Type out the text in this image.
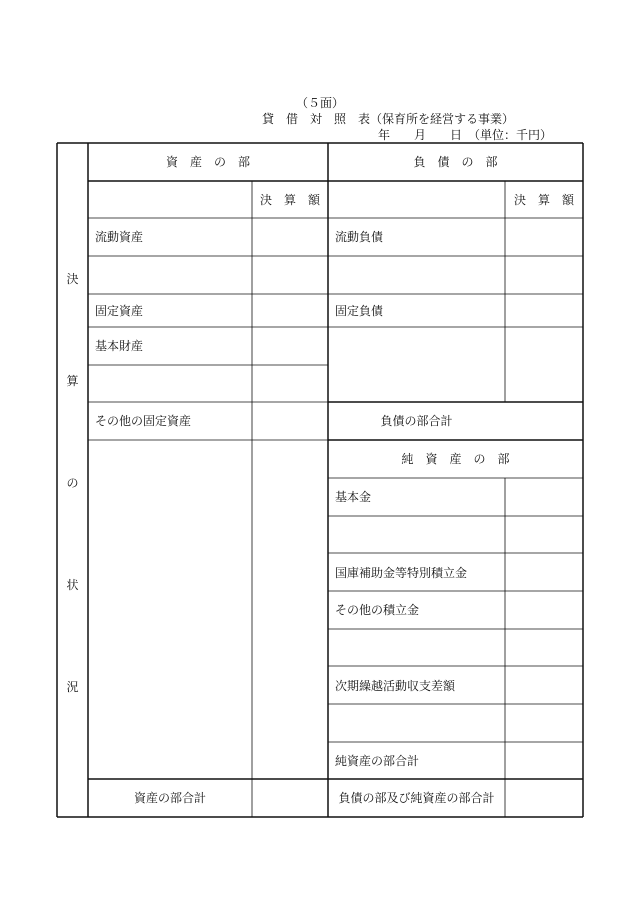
（５面）
貸　借　対　照　表（保育所を経営する事業）
年　　月　　日　（単位：千円）
決
算
の
状
況
資　産　の　部	負　債　の　部
決　算　額	決　算　額
流動資産
固定資産
基本財産
その他の固定資産
資産の部合計
流動負債
固定負債
負債の部合計
純　資　産　の　部
基本金
国庫補助金等特別積立金
その他の積立金
次期繰越活動収支差額
純資産の部合計
負債の部及び純資産の部合計
